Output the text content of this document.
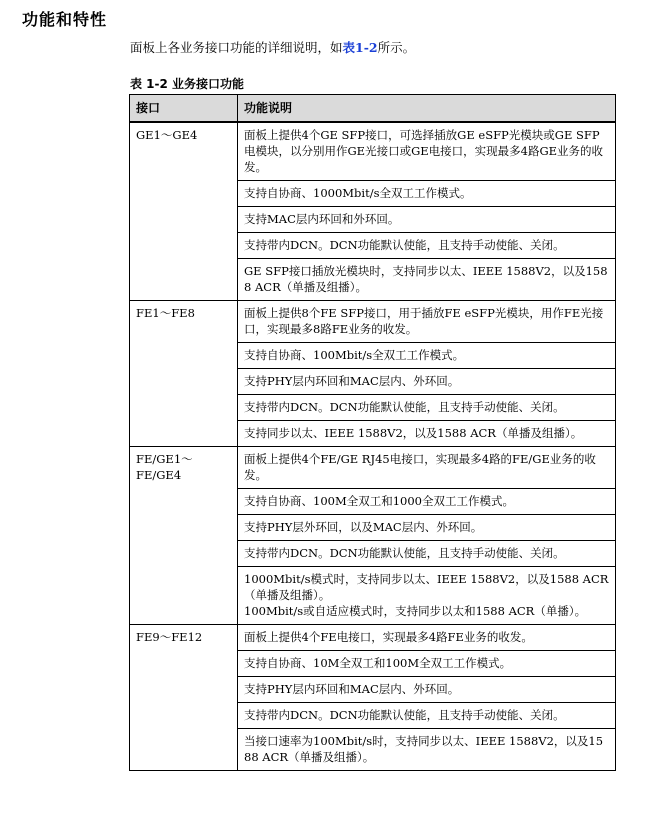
功能和特性

面板上各业务接口功能的详细说明，如表1-2所示。

表 1-2 业务接口功能

接口	功能说明
GE1～GE4	面板上提供4个GE SFP接口，可选择插放GE eSFP光模块或GE SFP电模块，以分别用作GE光接口或GE电接口，实现最多4路GE业务的收发。
	支持自协商、1000Mbit/s全双工工作模式。
	支持MAC层内环回和外环回。
	支持带内DCN。DCN功能默认使能，且支持手动使能、关闭。
	GE SFP接口插放光模块时，支持同步以太、IEEE 1588V2，以及1588 ACR（单播及组播）。
FE1～FE8	面板上提供8个FE SFP接口，用于插放FE eSFP光模块，用作FE光接口，实现最多8路FE业务的收发。
	支持自协商、100Mbit/s全双工工作模式。
	支持PHY层内环回和MAC层内、外环回。
	支持带内DCN。DCN功能默认使能，且支持手动使能、关闭。
	支持同步以太、IEEE 1588V2，以及1588 ACR（单播及组播）。
FE/GE1～FE/GE4	面板上提供4个FE/GE RJ45电接口，实现最多4路的FE/GE业务的收发。
	支持自协商、100M全双工和1000全双工工作模式。
	支持PHY层外环回，以及MAC层内、外环回。
	支持带内DCN。DCN功能默认使能，且支持手动使能、关闭。
	1000Mbit/s模式时，支持同步以太、IEEE 1588V2，以及1588 ACR（单播及组播）。
100Mbit/s或自适应模式时，支持同步以太和1588 ACR（单播）。
FE9～FE12	面板上提供4个FE电接口，实现最多4路FE业务的收发。
	支持自协商、10M全双工和100M全双工工作模式。
	支持PHY层内环回和MAC层内、外环回。
	支持带内DCN。DCN功能默认使能，且支持手动使能、关闭。
	当接口速率为100Mbit/s时，支持同步以太、IEEE 1588V2，以及1588 ACR（单播及组播）。
